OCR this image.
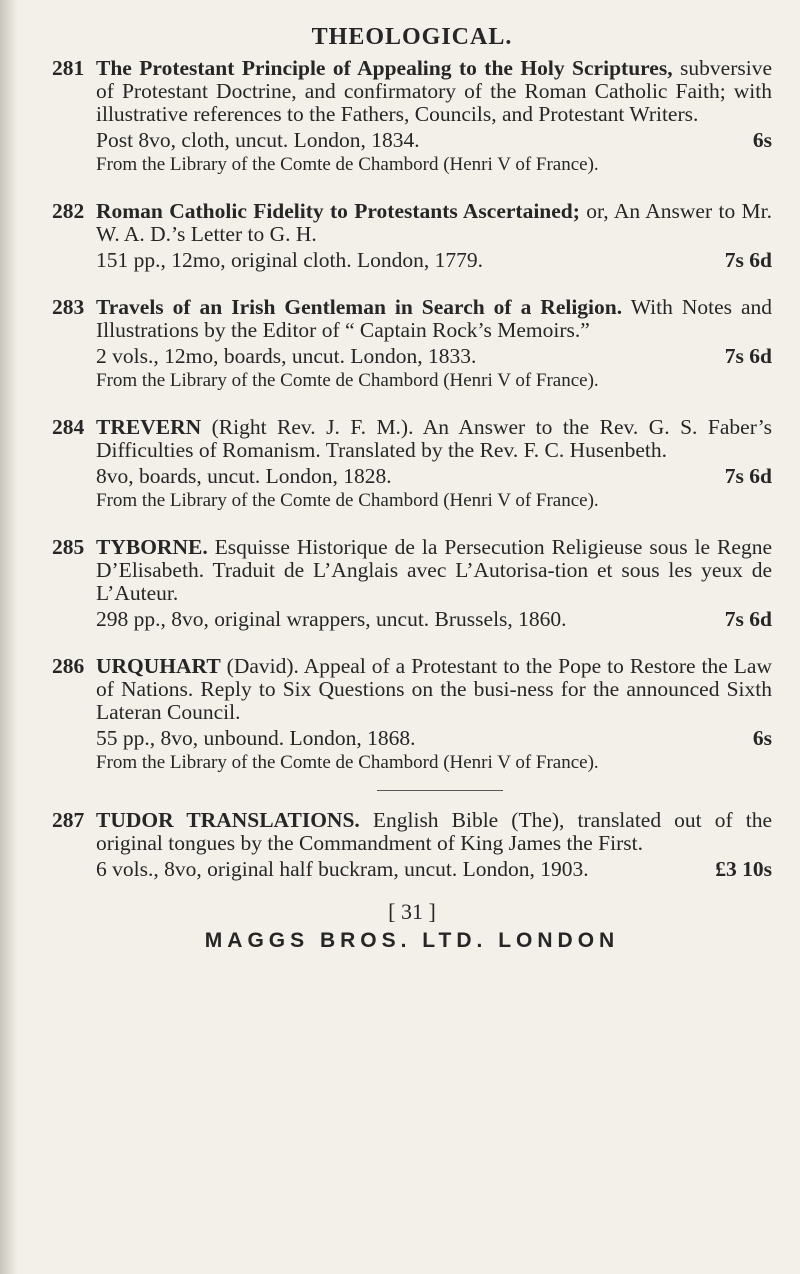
THEOLOGICAL.
281 The Protestant Principle of Appealing to the Holy Scriptures, subversive of Protestant Doctrine, and confirmatory of the Roman Catholic Faith; with illustrative references to the Fathers, Councils, and Protestant Writers.
Post 8vo, cloth, uncut. London, 1834.	6s
From the Library of the Comte de Chambord (Henri V of France).
282 Roman Catholic Fidelity to Protestants Ascertained; or, An Answer to Mr. W. A. D.’s Letter to G. H.
151 pp., 12mo, original cloth. London, 1779.	7s 6d
283 Travels of an Irish Gentleman in Search of a Religion. With Notes and Illustrations by the Editor of “ Captain Rock’s Memoirs.”
2 vols., 12mo, boards, uncut. London, 1833.	7s 6d
From the Library of the Comte de Chambord (Henri V of France).
284 TREVERN (Right Rev. J. F. M.). An Answer to the Rev. G. S. Faber’s Difficulties of Romanism. Translated by the Rev. F. C. Husenbeth.
8vo, boards, uncut. London, 1828.	7s 6d
From the Library of the Comte de Chambord (Henri V of France).
285 TYBORNE. Esquisse Historique de la Persecution Religieuse sous le Regne D’Elisabeth. Traduit de L’Anglais avec L’Autorisa-tion et sous les yeux de L’Auteur.
298 pp., 8vo, original wrappers, uncut. Brussels, 1860.	7s 6d
286 URQUHART (David). Appeal of a Protestant to the Pope to Restore the Law of Nations. Reply to Six Questions on the busi-ness for the announced Sixth Lateran Council.
55 pp., 8vo, unbound. London, 1868.	6s
From the Library of the Comte de Chambord (Henri V of France).
287 TUDOR TRANSLATIONS. English Bible (The), translated out of the original tongues by the Commandment of King James the First.
6 vols., 8vo, original half buckram, uncut. London, 1903.	£3 10s
[ 31 ]
MAGGS BROS. LTD. LONDON
